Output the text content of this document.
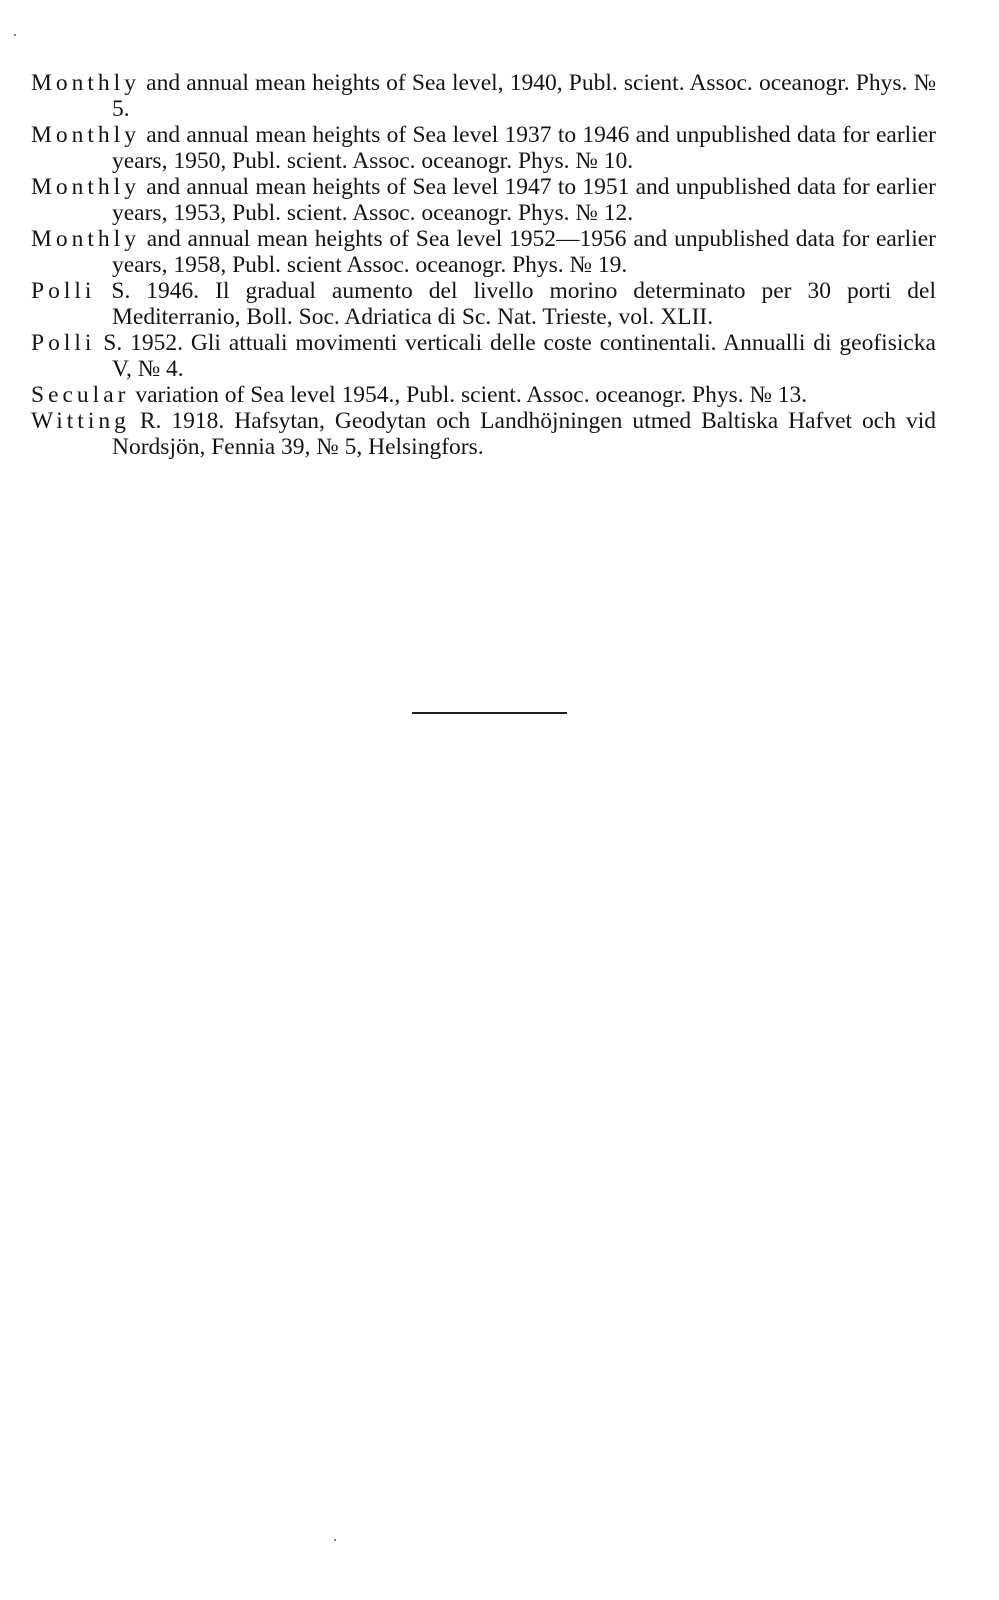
Monthly and annual mean heights of Sea level, 1940, Publ. scient. Assoc. oceanogr. Phys. № 5.

Monthly and annual mean heights of Sea level 1937 to 1946 and unpublished data for earlier years, 1950, Publ. scient. Assoc. oceanogr. Phys. № 10.

Monthly and annual mean heights of Sea level 1947 to 1951 and unpublished data for earlier years, 1953, Publ. scient. Assoc. oceanogr. Phys. № 12.

Monthly and annual mean heights of Sea level 1952—1956 and unpublished data for earlier years, 1958, Publ. scient Assoc. oceanogr. Phys. № 19.

Polli S. 1946. Il gradual aumento del livello morino determinato per 30 porti del Mediterranio, Boll. Soc. Adriatica di Sc. Nat. Trieste, vol. XLII.

Polli S. 1952. Gli attuali movimenti verticali delle coste continentali. Annualli di geofisicka V, № 4.

Secular variation of Sea level 1954., Publ. scient. Assoc. oceanogr. Phys. № 13.

Witting R. 1918. Hafsytan, Geodytan och Landhöjningen utmed Baltiska Hafvet och vid Nordsjön, Fennia 39, № 5, Helsingfors.
